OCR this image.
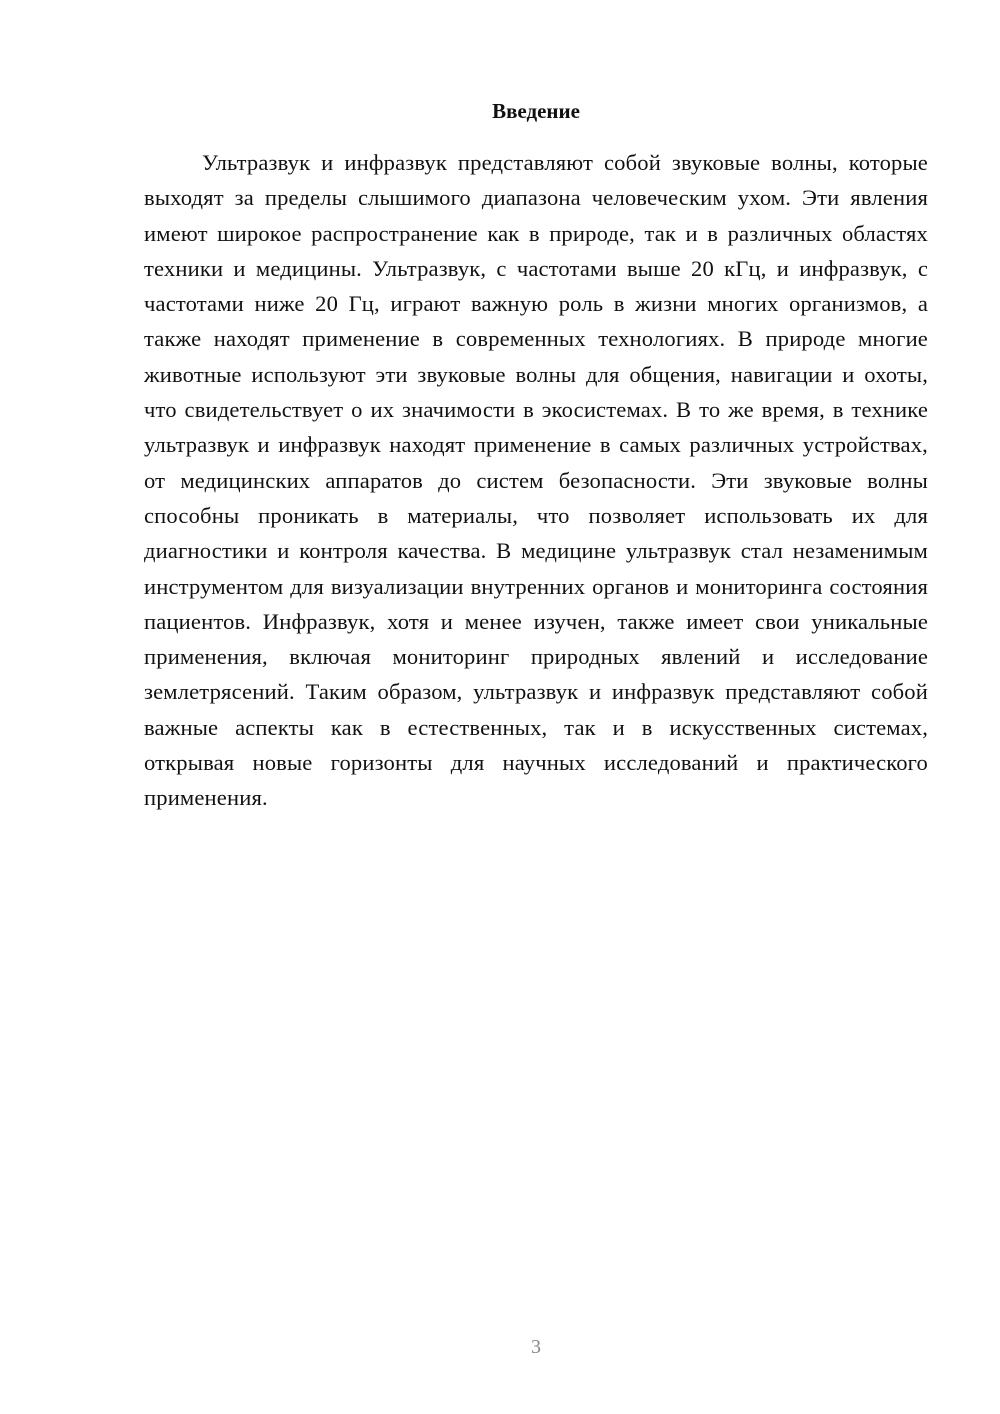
Введение

Ультразвук и инфразвук представляют собой звуковые волны, которые выходят за пределы слышимого диапазона человеческим ухом. Эти явления имеют широкое распространение как в природе, так и в различных областях техники и медицины. Ультразвук, с частотами выше 20 кГц, и инфразвук, с частотами ниже 20 Гц, играют важную роль в жизни многих организмов, а также находят применение в современных технологиях. В природе многие животные используют эти звуковые волны для общения, навигации и охоты, что свидетельствует о их значимости в экосистемах. В то же время, в технике ультразвук и инфразвук находят применение в самых различных устройствах, от медицинских аппаратов до систем безопасности. Эти звуковые волны способны проникать в материалы, что позволяет использовать их для диагностики и контроля качества. В медицине ультразвук стал незаменимым инструментом для визуализации внутренних органов и мониторинга состояния пациентов. Инфразвук, хотя и менее изучен, также имеет свои уникальные применения, включая мониторинг природных явлений и исследование землетрясений. Таким образом, ультразвук и инфразвук представляют собой важные аспекты как в естественных, так и в искусственных системах, открывая новые горизонты для научных исследований и практического применения.

3
